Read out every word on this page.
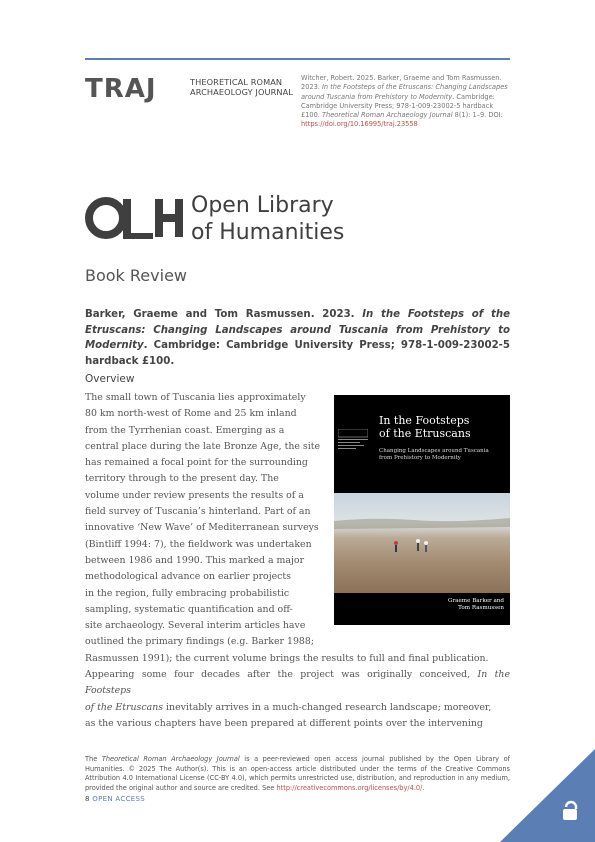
TRAJ	THEORETICAL ROMAN
ARCHAEOLOGY JOURNAL
Witcher, Robert. 2025. Barker, Graeme and Tom Rasmussen. 2023. In the Footsteps of the Etruscans: Changing Landscapes around Tuscania from Prehistory to Modernity. Cambridge: Cambridge University Press; 978-1-009-23002-5 hardback £100. Theoretical Roman Archaeology Journal 8(1): 1–9. DOI: https://doi.org/10.16995/traj.23558
Open Library
of Humanities
Book Review
Barker, Graeme and Tom Rasmussen. 2023. In the Footsteps of the Etruscans: Changing Landscapes around Tuscania from Prehistory to Modernity. Cambridge: Cambridge University Press; 978-1-009-23002-5 hardback £100.
Overview
The small town of Tuscania lies approximately
80 km north-west of Rome and 25 km inland
from the Tyrrhenian coast. Emerging as a
central place during the late Bronze Age, the site
has remained a focal point for the surrounding
territory through to the present day. The
volume under review presents the results of a
field survey of Tuscania’s hinterland. Part of an
innovative ‘New Wave’ of Mediterranean surveys
(Bintliff 1994: 7), the fieldwork was undertaken
between 1986 and 1990. This marked a major
methodological advance on earlier projects
in the region, fully embracing probabilistic
sampling, systematic quantification and off-
site archaeology. Several interim articles have
outlined the primary findings (e.g. Barker 1988;
Rasmussen 1991); the current volume brings the results to full and final publication.
Appearing some four decades after the project was originally conceived, In the Footsteps
of the Etruscans inevitably arrives in a much-changed research landscape; moreover,
as the various chapters have been prepared at different points over the intervening
In the Footsteps
of the Etruscans
Changing Landscapes around Tuscania
from Prehistory to Modernity
Graeme Barker and
Tom Rasmussen
The Theoretical Roman Archaeology Journal is a peer-reviewed open access journal published by the Open Library of Humanities. © 2025 The Author(s). This is an open-access article distributed under the terms of the Creative Commons Attribution 4.0 International License (CC-BY 4.0), which permits unrestricted use, distribution, and reproduction in any medium, provided the original author and source are credited. See http://creativecommons.org/licenses/by/4.0/.
8 OPEN ACCESS
